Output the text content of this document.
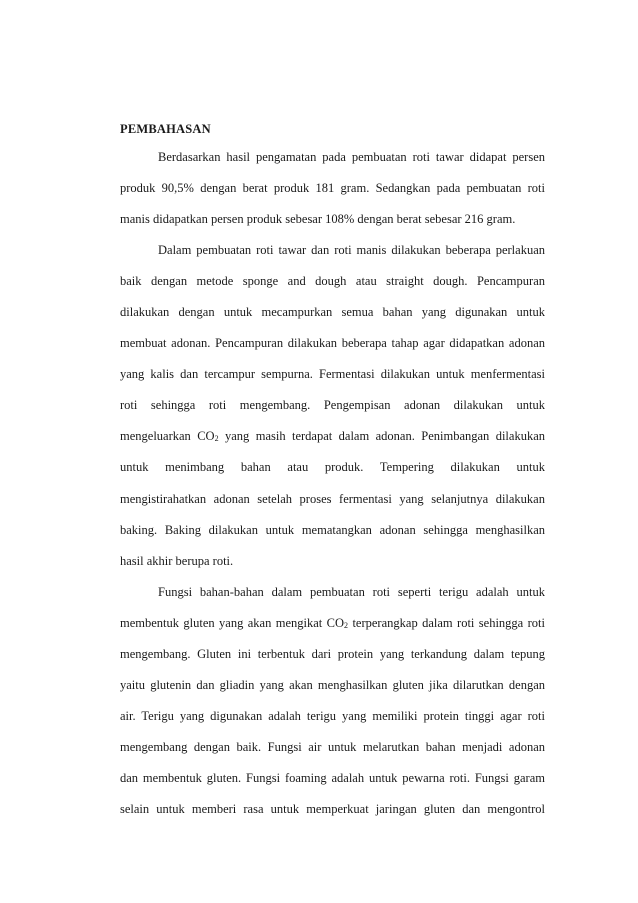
PEMBAHASAN
Berdasarkan hasil pengamatan pada pembuatan roti tawar didapat persen
produk 90,5% dengan berat produk 181 gram. Sedangkan pada pembuatan roti
manis didapatkan persen produk sebesar 108% dengan berat sebesar 216 gram.
Dalam pembuatan roti tawar dan roti manis dilakukan beberapa perlakuan
baik dengan metode sponge and dough atau straight dough. Pencampuran
dilakukan dengan untuk mecampurkan semua bahan yang digunakan untuk
membuat adonan. Pencampuran dilakukan beberapa tahap agar didapatkan adonan
yang kalis dan tercampur sempurna. Fermentasi dilakukan untuk menfermentasi
roti sehingga roti mengembang. Pengempisan adonan dilakukan untuk
mengeluarkan $CO_2$ yang masih terdapat dalam adonan. Penimbangan dilakukan
untuk menimbang bahan atau produk. Tempering dilakukan untuk
mengistirahatkan adonan setelah proses fermentasi yang selanjutnya dilakukan
baking. Baking dilakukan untuk mematangkan adonan sehingga menghasilkan
hasil akhir berupa roti.
Fungsi bahan-bahan dalam pembuatan roti seperti terigu adalah untuk
membentuk gluten yang akan mengikat $CO_2$ terperangkap dalam roti sehingga roti
mengembang. Gluten ini terbentuk dari protein yang terkandung dalam tepung
yaitu glutenin dan gliadin yang akan menghasilkan gluten jika dilarutkan dengan
air. Terigu yang digunakan adalah terigu yang memiliki protein tinggi agar roti
mengembang dengan baik. Fungsi air untuk melarutkan bahan menjadi adonan
dan membentuk gluten. Fungsi foaming adalah untuk pewarna roti. Fungsi garam
selain untuk memberi rasa untuk memperkuat jaringan gluten dan mengontrol
